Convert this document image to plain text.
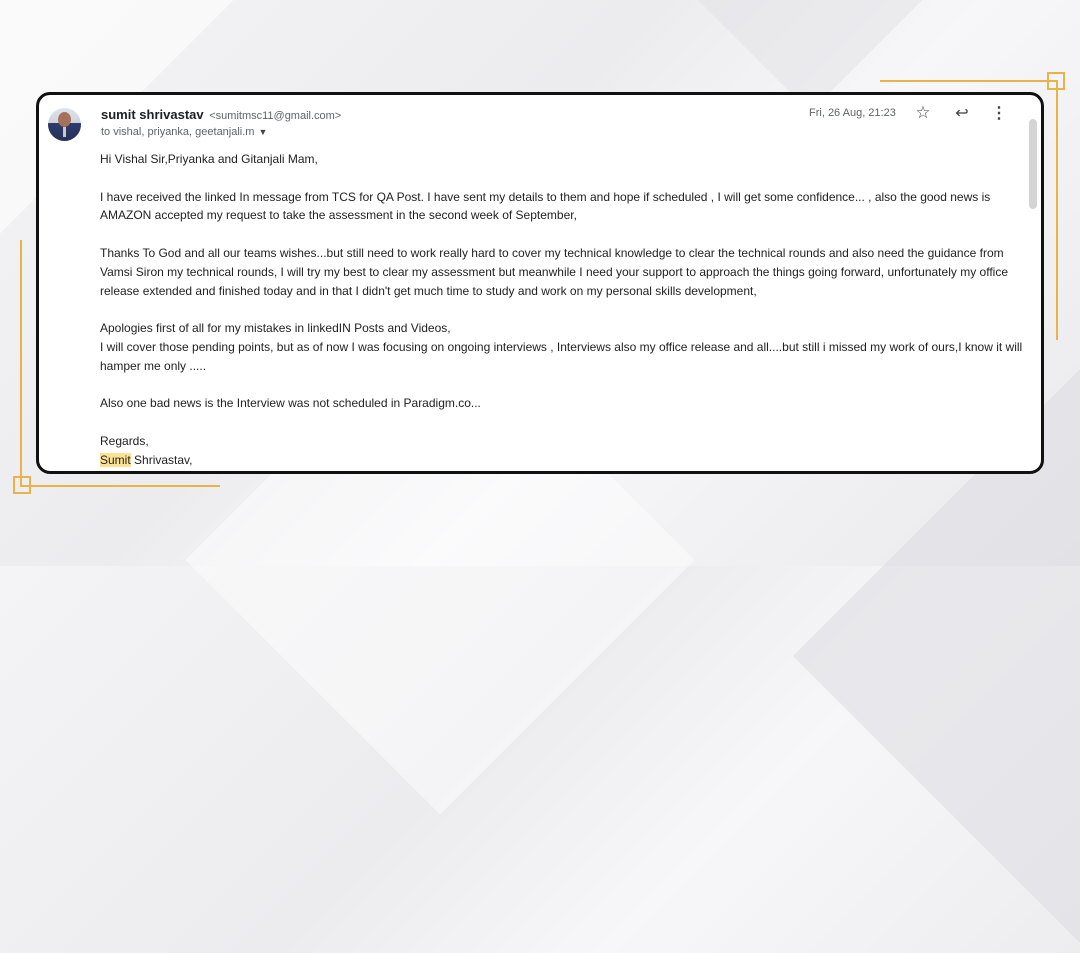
sumit shrivastav <sumitmsc11@gmail.com>
to vishal, priyanka, geetanjali.m ▼
Fri, 26 Aug, 21:23 ☆ ↩ ⋮

Hi Vishal Sir,Priyanka and Gitanjali Mam,

I have received the linked In message from TCS for QA Post. I have sent my details to them and hope if scheduled , I will get some confidence... , also the good news is AMAZON accepted my request to take the assessment in the second week of September,

Thanks To God and all our teams wishes...but still need to work really hard to cover my technical knowledge to clear the technical rounds and also need the guidance from Vamsi Siron my technical rounds, I will try my best to clear my assessment but meanwhile I need your support to approach the things going forward, unfortunately my office release extended and finished today and in that I didn't get much time to study and work on my personal skills development,

Apologies first of all for my mistakes in linkedIN Posts and Videos,
I will cover those pending points, but as of now I was focusing on ongoing interviews , Interviews also my office release and all....but still i missed my work of ours,I know it will hamper me only .....

Also one bad news is the Interview was not scheduled in Paradigm.co...

Regards,
Sumit Shrivastav,
